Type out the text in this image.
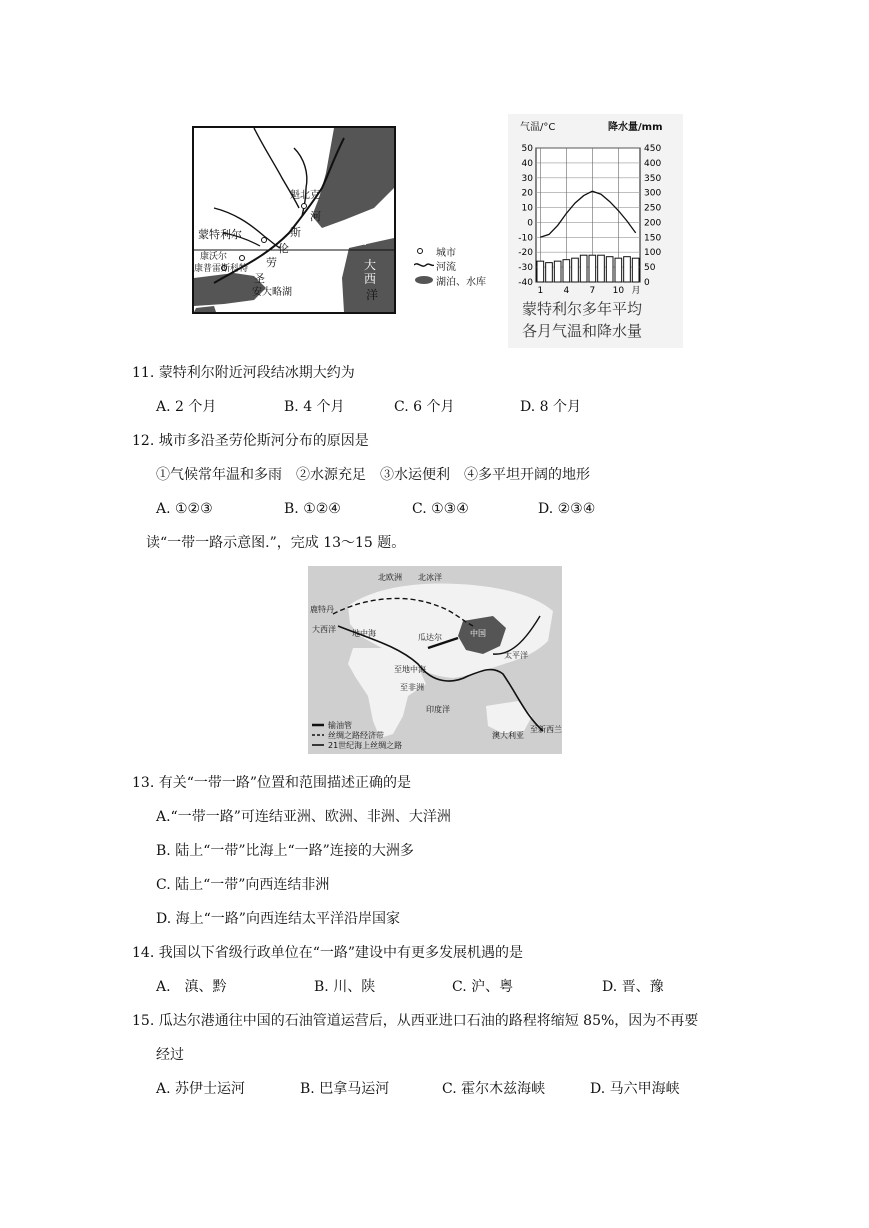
魁北克
河
斯
伦
劳
圣
蒙特利尔
康沃尔
康普雷斯科特
安大略湖
大
西
洋
45°N
城市
河流
湖泊、水库
气温/°C	降水量/mm
50
40
30
20
10
0
-10
-20
-30
-40
450
400
350
300
250
200
150
100
50
0
1 4 7 10 月
蒙特利尔多年平均
各月气温和降水量
11. 蒙特利尔附近河段结冰期大约为
A. 2 个月	B. 4 个月	C. 6 个月	D. 8 个月
12. 城市多沿圣劳伦斯河分布的原因是
①气候常年温和多雨　②水源充足　③水运便利　④多平坦开阔的地形
A. ①②③	B. ①②④	C. ①③④	D. ②③④
读“一带一路示意图.”，完成 13～15 题。
北欧洲 北冰洋
鹿特丹
大西洋 地中海	瓜达尔	中国
太平洋
印度洋
至地中海
至非洲
至新西兰
澳大利亚
输油管
丝绸之路经济带
21世纪海上丝绸之路
13. 有关“一带一路”位置和范围描述正确的是
A.“一带一路”可连结亚洲、欧洲、非洲、大洋洲
B. 陆上“一带”比海上“一路”连接的大洲多
C. 陆上“一带”向西连结非洲
D. 海上“一路”向西连结太平洋沿岸国家
14. 我国以下省级行政单位在“一路”建设中有更多发展机遇的是
A.　滇、黔	B. 川、陕	C. 沪、粤	D. 晋、豫
15. 瓜达尔港通往中国的石油管道运营后，从西亚进口石油的路程将缩短 85%，因为不再要
经过
A. 苏伊士运河	B. 巴拿马运河	C. 霍尔木兹海峡	D. 马六甲海峡
